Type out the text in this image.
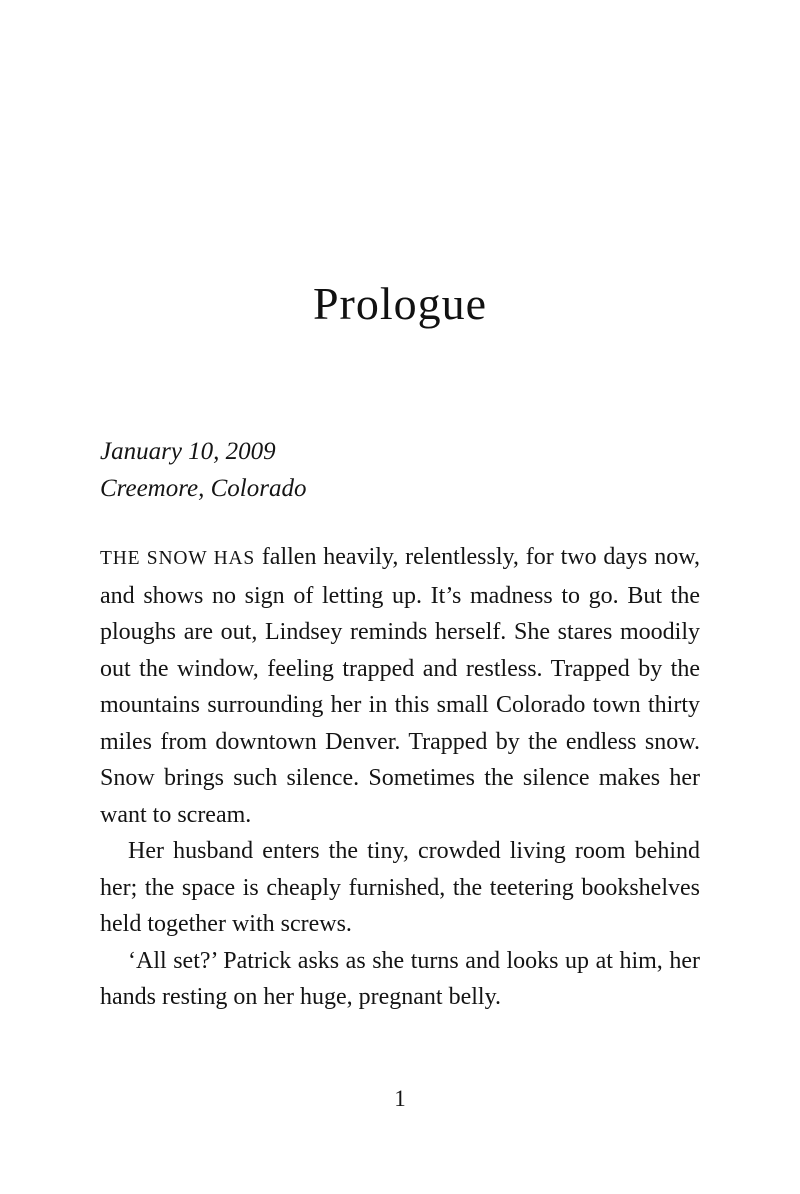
Prologue
January 10, 2009
Creemore, Colorado

THE SNOW HAS fallen heavily, relentlessly, for two days now, and shows no sign of letting up. It’s madness to go. But the ploughs are out, Lindsey reminds herself. She stares moodily out the window, feeling trapped and restless. Trapped by the mountains surrounding her in this small Colorado town thirty miles from downtown Denver. Trapped by the endless snow. Snow brings such silence. Sometimes the silence makes her want to scream.

Her husband enters the tiny, crowded living room behind her; the space is cheaply furnished, the teetering bookshelves held together with screws.

‘All set?’ Patrick asks as she turns and looks up at him, her hands resting on her huge, pregnant belly.

1
